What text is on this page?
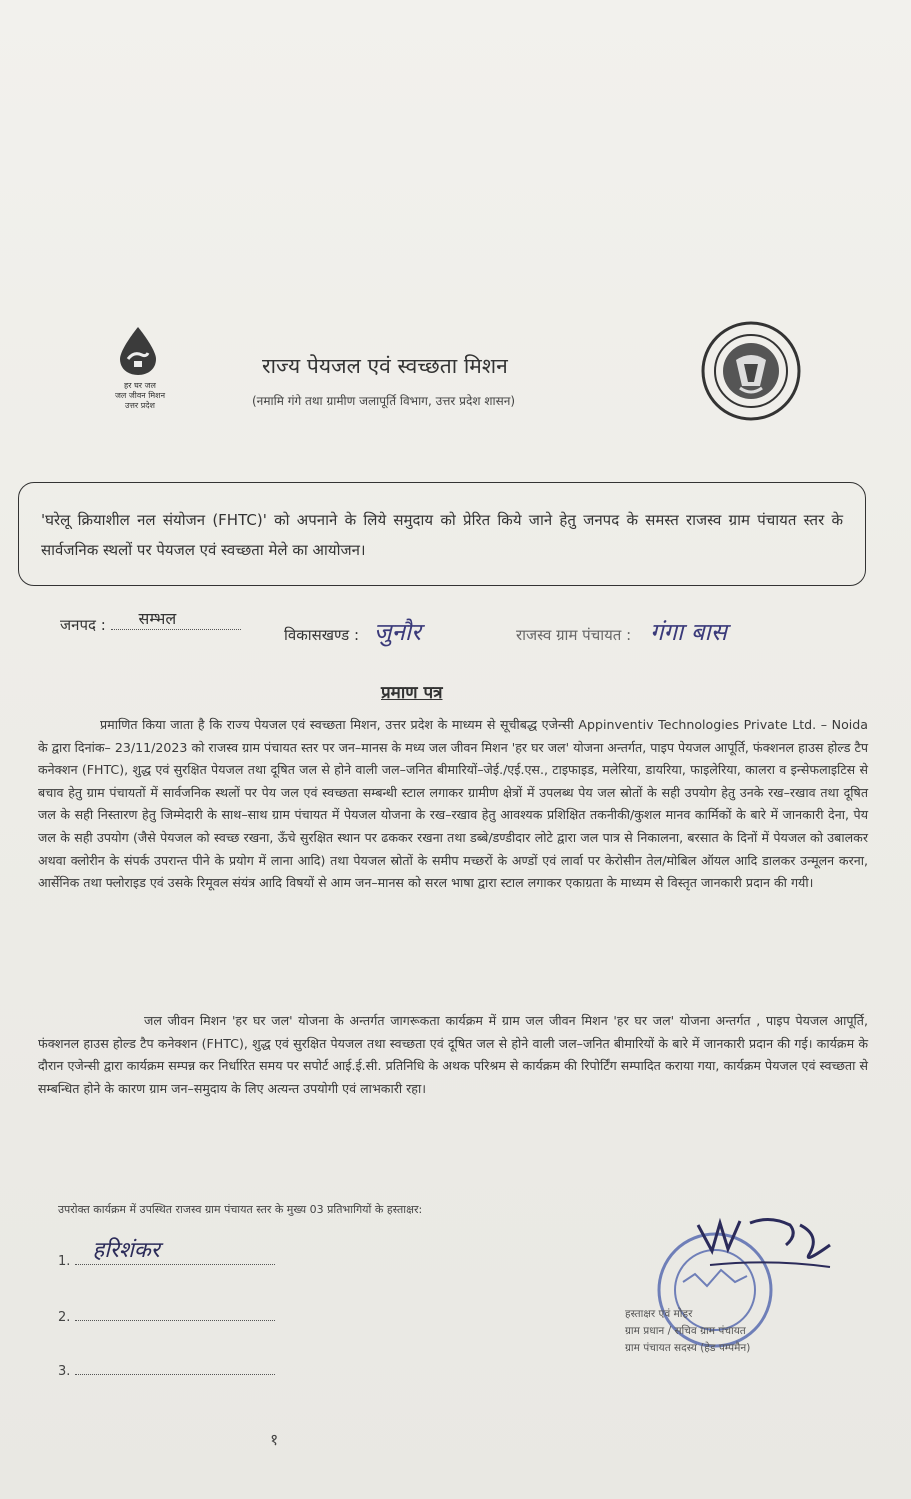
हर घर जल
जल जीवन मिशन
उत्तर प्रदेश
राज्य पेयजल एवं स्वच्छता मिशन
(नमामि गंगे तथा ग्रामीण जलापूर्ति विभाग, उत्तर प्रदेश शासन)
'घरेलू क्रियाशील नल संयोजन (FHTC)' को अपनाने के लिये समुदाय को प्रेरित किये जाने हेतु जनपद के समस्त राजस्व ग्राम पंचायत स्तर के सार्वजनिक स्थलों पर पेयजल एवं स्वच्छता मेले का आयोजन।
जनपद : सम्भल
विकासखण्ड : जुनौर	राजस्व ग्राम पंचायत : गंगा बास
प्रमाण पत्र
प्रमाणित किया जाता है कि राज्य पेयजल एवं स्वच्छता मिशन, उत्तर प्रदेश के माध्यम से सूचीबद्ध एजेन्सी Appinventiv Technologies Private Ltd. – Noida के द्वारा दिनांक– 23/11/2023 को राजस्व ग्राम पंचायत स्तर पर जन–मानस के मध्य जल जीवन मिशन 'हर घर जल' योजना अन्तर्गत, पाइप पेयजल आपूर्ति, फंक्शनल हाउस होल्ड टैप कनेक्शन (FHTC), शुद्ध एवं सुरक्षित पेयजल तथा दूषित जल से होने वाली जल–जनित बीमारियों–जेई./एई.एस., टाइफाइड, मलेरिया, डायरिया, फाइलेरिया, कालरा व इन्सेफलाइटिस से बचाव हेतु ग्राम पंचायतों में सार्वजनिक स्थलों पर पेय जल एवं स्वच्छता सम्बन्धी स्टाल लगाकर ग्रामीण क्षेत्रों में उपलब्ध पेय जल स्रोतों के सही उपयोग हेतु उनके रख–रखाव तथा दूषित जल के सही निस्तारण हेतु जिम्मेदारी के साथ–साथ ग्राम पंचायत में पेयजल योजना के रख–रखाव हेतु आवश्यक प्रशिक्षित तकनीकी/कुशल मानव कार्मिकों के बारे में जानकारी देना, पेय जल के सही उपयोग (जैसे पेयजल को स्वच्छ रखना, ऊँचे सुरक्षित स्थान पर ढककर रखना तथा डब्बे/डण्डीदार लोटे द्वारा जल पात्र से निकालना, बरसात के दिनों में पेयजल को उबालकर अथवा क्लोरीन के संपर्क उपरान्त पीने के प्रयोग में लाना आदि) तथा पेयजल स्रोतों के समीप मच्छरों के अण्डों एवं लार्वा पर केरोसीन तेल/मोबिल ऑयल आदि डालकर उन्मूलन करना, आर्सेनिक तथा फ्लोराइड एवं उसके रिमूवल संयंत्र आदि विषयों से आम जन–मानस को सरल भाषा द्वारा स्टाल लगाकर एकाग्रता के माध्यम से विस्तृत जानकारी प्रदान की गयी।
जल जीवन मिशन 'हर घर जल' योजना के अन्तर्गत जागरूकता कार्यक्रम में ग्राम जल जीवन मिशन 'हर घर जल' योजना अन्तर्गत , पाइप पेयजल आपूर्ति, फंक्शनल हाउस होल्ड टैप कनेक्शन (FHTC), शुद्ध एवं सुरक्षित पेयजल तथा स्वच्छता एवं दूषित जल से होने वाली जल–जनित बीमारियों के बारे में जानकारी प्रदान की गई। कार्यक्रम के दौरान एजेन्सी द्वारा कार्यक्रम सम्पन्न कर निर्धारित समय पर सपोर्ट आई.ई.सी. प्रतिनिधि के अथक परिश्रम से कार्यक्रम की रिपोर्टिंग सम्पादित कराया गया, कार्यक्रम पेयजल एवं स्वच्छता से सम्बन्धित होने के कारण ग्राम जन–समुदाय के लिए अत्यन्त उपयोगी एवं लाभकारी रहा।
उपरोक्त कार्यक्रम में उपस्थित राजस्व ग्राम पंचायत स्तर के मुख्य 03 प्रतिभागियों के हस्ताक्षर:
1. हरिशंकर
2.
3.
हस्ताक्षर एवं मोहर
ग्राम प्रधान / सचिव ग्राम पंचायत
ग्राम पंचायत सदस्य (हेड पम्पमैन)
१
